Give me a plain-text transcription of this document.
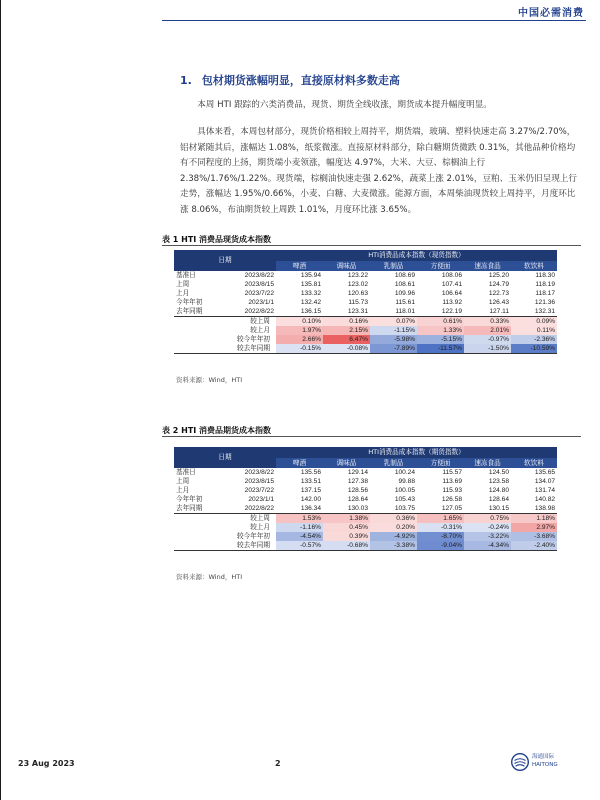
中国必需消费
1. 包材期货涨幅明显，直接原材料多数走高

本周 HTI 跟踪的六类消费品，现货、期货全线收涨，期货成本提升幅度明显。

具体来看，本周包材部分，现货价格相较上周持平，期货端，玻璃、塑料快速走高 3.27%/2.70%，铝材紧随其后，涨幅达 1.08%，纸浆微涨。直接原材料部分，除白糖期货微跌 0.31%，其他品种价格均有不同程度的上扬，期货端小麦领涨，幅度达 4.97%，大米、大豆、棕榈油上行 2.38%/1.76%/1.22%。现货端，棕榈油快速走强 2.62%，蔬菜上涨 2.01%，豆粕、玉米仍旧呈现上行走势，涨幅达 1.95%/0.66%，小麦、白糖、大麦微涨。能源方面，本周柴油现货较上周持平，月度环比涨 8.06%，布油期货较上周跌 1.01%，月度环比涨 3.65%。

表 1 HTI 消费品现货成本指数
日期		HTI消费品成本指数（现货指数）					
		啤酒	调味品	乳制品	方便面	速冻食品	软饮料
基准日	2023/8/22	135.94	123.22	108.69	108.06	125.20	118.30
上周	2023/8/15	135.81	123.02	108.61	107.41	124.79	118.19
上月	2023/7/22	133.32	120.63	109.96	106.64	122.73	118.17
今年年初	2023/1/1	132.42	115.73	115.61	113.92	126.43	121.36
去年同期	2022/8/22	136.15	123.31	118.01	122.19	127.11	132.31
较上周		0.10%	0.16%	0.07%	0.61%	0.33%	0.09%
较上月		1.97%	2.15%	-1.15%	1.33%	2.01%	0.11%
较今年年初		2.66%	6.47%	-5.98%	-5.15%	-0.97%	-2.36%
较去年同期		-0.15%	-0.08%	-7.89%	-11.57%	-1.50%	-10.59%
资料来源：Wind，HTI
表 2 HTI 消费品期货成本指数
日期		HTI消费品成本指数（期货指数）					
		啤酒	调味品	乳制品	方便面	速冻食品	软饮料
基准日	2023/8/22	135.56	129.14	100.24	115.57	124.50	135.65
上周	2023/8/15	133.51	127.38	99.88	113.69	123.58	134.07
上月	2023/7/22	137.15	128.56	100.05	115.93	124.80	131.74
今年年初	2023/1/1	142.00	128.64	105.43	126.58	128.64	140.82
去年同期	2022/8/22	136.34	130.03	103.75	127.05	130.15	138.98
较上周		1.53%	1.38%	0.36%	1.65%	0.75%	1.18%
较上月		-1.16%	0.45%	0.20%	-0.31%	-0.24%	2.97%
较今年年初		-4.54%	0.39%	-4.92%	-8.70%	-3.22%	-3.68%
较去年同期		-0.57%	-0.68%	-3.38%	-9.04%	-4.34%	-2.40%
资料来源：Wind，HTI
23 Aug 2023	2
海通国际
HAITONG
